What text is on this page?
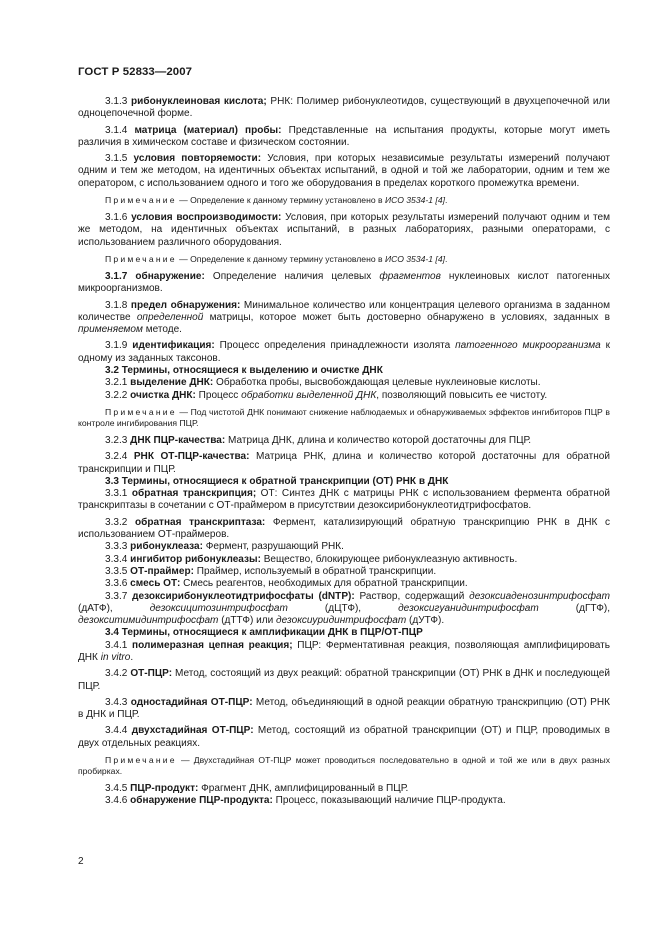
ГОСТ Р 52833—2007

3.1.3 рибонуклеиновая кислота; РНК: Полимер рибонуклеотидов, существующий в двухцепочечной или одноцепочечной форме.

3.1.4 матрица (материал) пробы: Представленные на испытания продукты, которые могут иметь различия в химическом составе и физическом состоянии.

3.1.5 условия повторяемости: Условия, при которых независимые результаты измерений получают одним и тем же методом, на идентичных объектах испытаний, в одной и той же лаборатории, одним и тем же оператором, с использованием одного и того же оборудования в пределах короткого промежутка времени.

Примечание — Определение к данному термину установлено в ИСО 3534-1 [4].

3.1.6 условия воспроизводимости: Условия, при которых результаты измерений получают одним и тем же методом, на идентичных объектах испытаний, в разных лабораториях, разными операторами, с использованием различного оборудования.

Примечание — Определение к данному термину установлено в ИСО 3534-1 [4].

3.1.7 обнаружение: Определение наличия целевых фрагментов нуклеиновых кислот патогенных микроорганизмов.

3.1.8 предел обнаружения: Минимальное количество или концентрация целевого организма в заданном количестве определенной матрицы, которое может быть достоверно обнаружено в условиях, заданных в применяемом методе.

3.1.9 идентификация: Процесс определения принадлежности изолята патогенного микроорганизма к одному из заданных таксонов.

3.2 Термины, относящиеся к выделению и очистке ДНК

3.2.1 выделение ДНК: Обработка пробы, высвобождающая целевые нуклеиновые кислоты.

3.2.2 очистка ДНК: Процесс обработки выделенной ДНК, позволяющий повысить ее чистоту.

Примечание — Под чистотой ДНК понимают снижение наблюдаемых и обнаруживаемых эффектов ингибиторов ПЦР в контроле ингибирования ПЦР.

3.2.3 ДНК ПЦР-качества: Матрица ДНК, длина и количество которой достаточны для ПЦР.

3.2.4 РНК ОТ-ПЦР-качества: Матрица РНК, длина и количество которой достаточны для обратной транскрипции и ПЦР.

3.3 Термины, относящиеся к обратной транскрипции (ОТ) РНК в ДНК

3.3.1 обратная транскрипция; ОТ: Синтез ДНК с матрицы РНК с использованием фермента обратной транскриптазы в сочетании с ОТ-праймером в присутствии дезоксирибонуклеотидтрифосфатов.

3.3.2 обратная транскриптаза: Фермент, катализирующий обратную транскрипцию РНК в ДНК с использованием ОТ-праймеров.

3.3.3 рибонуклеаза: Фермент, разрушающий РНК.

3.3.4 ингибитор рибонуклеазы: Вещество, блокирующее рибонуклеазную активность.

3.3.5 ОТ-праймер: Праймер, используемый в обратной транскрипции.

3.3.6 смесь ОТ: Смесь реагентов, необходимых для обратной транскрипции.

3.3.7 дезоксирибонуклеотидтрифосфаты (dNTP): Раствор, содержащий дезоксиаденозинтрифосфат (дАТФ), дезоксицитозинтрифосфат (дЦТФ), дезоксигуанидинтрифосфат (дГТФ), дезокситимидинтрифосфат (дТТФ) или дезоксиуридинтрифосфат (дУТФ).

3.4 Термины, относящиеся к амплификации ДНК в ПЦР/ОТ-ПЦР

3.4.1 полимеразная цепная реакция; ПЦР: Ферментативная реакция, позволяющая амплифицировать ДНК in vitro.

3.4.2 ОТ-ПЦР: Метод, состоящий из двух реакций: обратной транскрипции (ОТ) РНК в ДНК и последующей ПЦР.

3.4.3 одностадийная ОТ-ПЦР: Метод, объединяющий в одной реакции обратную транскрипцию (ОТ) РНК в ДНК и ПЦР.

3.4.4 двухстадийная ОТ-ПЦР: Метод, состоящий из обратной транскрипции (ОТ) и ПЦР, проводимых в двух отдельных реакциях.

Примечание — Двухстадийная ОТ-ПЦР может проводиться последовательно в одной и той же или в двух разных пробирках.

3.4.5 ПЦР-продукт: Фрагмент ДНК, амплифицированный в ПЦР.

3.4.6 обнаружение ПЦР-продукта: Процесс, показывающий наличие ПЦР-продукта.

2
